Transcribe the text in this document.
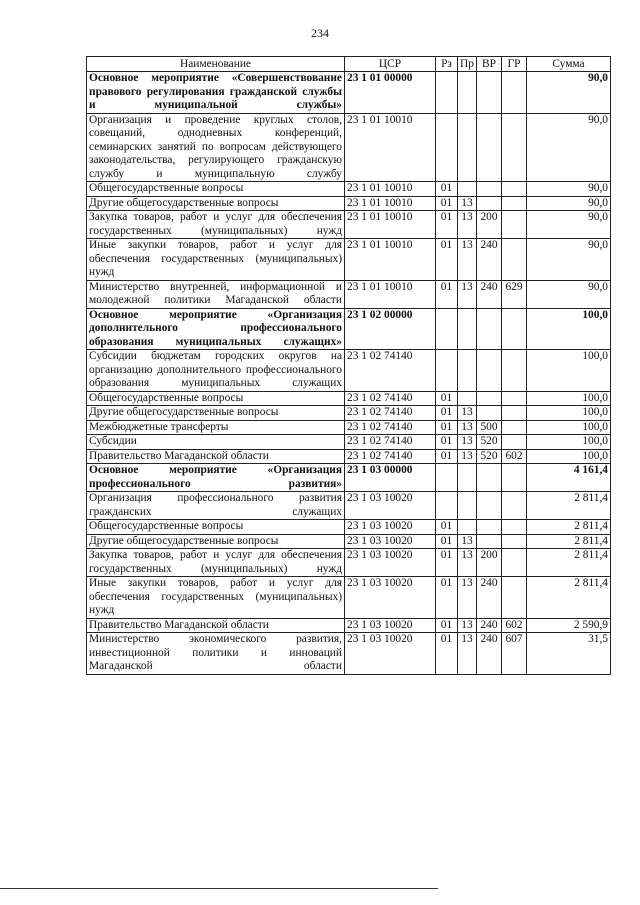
234
Наименование	ЦСР	Рз	Пр	ВР	ГР	Сумма
Основное мероприятие «Совершенствование правового регулирования гражданской службы и муниципальной службы»	23 1 01 00000					90,0
Организация и проведение круглых столов, совещаний, однодневных конференций, семинарских занятий по вопросам действующего законодательства, регулирующего гражданскую службу и муниципальную службу	23 1 01 10010					90,0
Общегосударственные вопросы	23 1 01 10010	01				90,0
Другие общегосударственные вопросы	23 1 01 10010	01	13			90,0
Закупка товаров, работ и услуг для обеспечения государственных (муниципальных) нужд	23 1 01 10010	01	13	200		90,0
Иные закупки товаров, работ и услуг для обеспечения государственных (муниципальных) нужд	23 1 01 10010	01	13	240		90,0
Министерство внутренней, информационной и молодежной политики Магаданской области	23 1 01 10010	01	13	240	629	90,0
Основное мероприятие «Организация дополнительного профессионального образования муниципальных служащих»	23 1 02 00000					100,0
Субсидии бюджетам городских округов на организацию дополнительного профессионального образования муниципальных служащих	23 1 02 74140					100,0
Общегосударственные вопросы	23 1 02 74140	01				100,0
Другие общегосударственные вопросы	23 1 02 74140	01	13			100,0
Межбюджетные трансферты	23 1 02 74140	01	13	500		100,0
Субсидии	23 1 02 74140	01	13	520		100,0
Правительство Магаданской области	23 1 02 74140	01	13	520	602	100,0
Основное мероприятие «Организация профессионального развития»	23 1 03 00000					4 161,4
Организация профессионального развития гражданских служащих	23 1 03 10020					2 811,4
Общегосударственные вопросы	23 1 03 10020	01				2 811,4
Другие общегосударственные вопросы	23 1 03 10020	01	13			2 811,4
Закупка товаров, работ и услуг для обеспечения государственных (муниципальных) нужд	23 1 03 10020	01	13	200		2 811,4
Иные закупки товаров, работ и услуг для обеспечения государственных (муниципальных) нужд	23 1 03 10020	01	13	240		2 811,4
Правительство Магаданской области	23 1 03 10020	01	13	240	602	2 590,9
Министерство экономического развития, инвестиционной политики и инноваций Магаданской области	23 1 03 10020	01	13	240	607	31,5
